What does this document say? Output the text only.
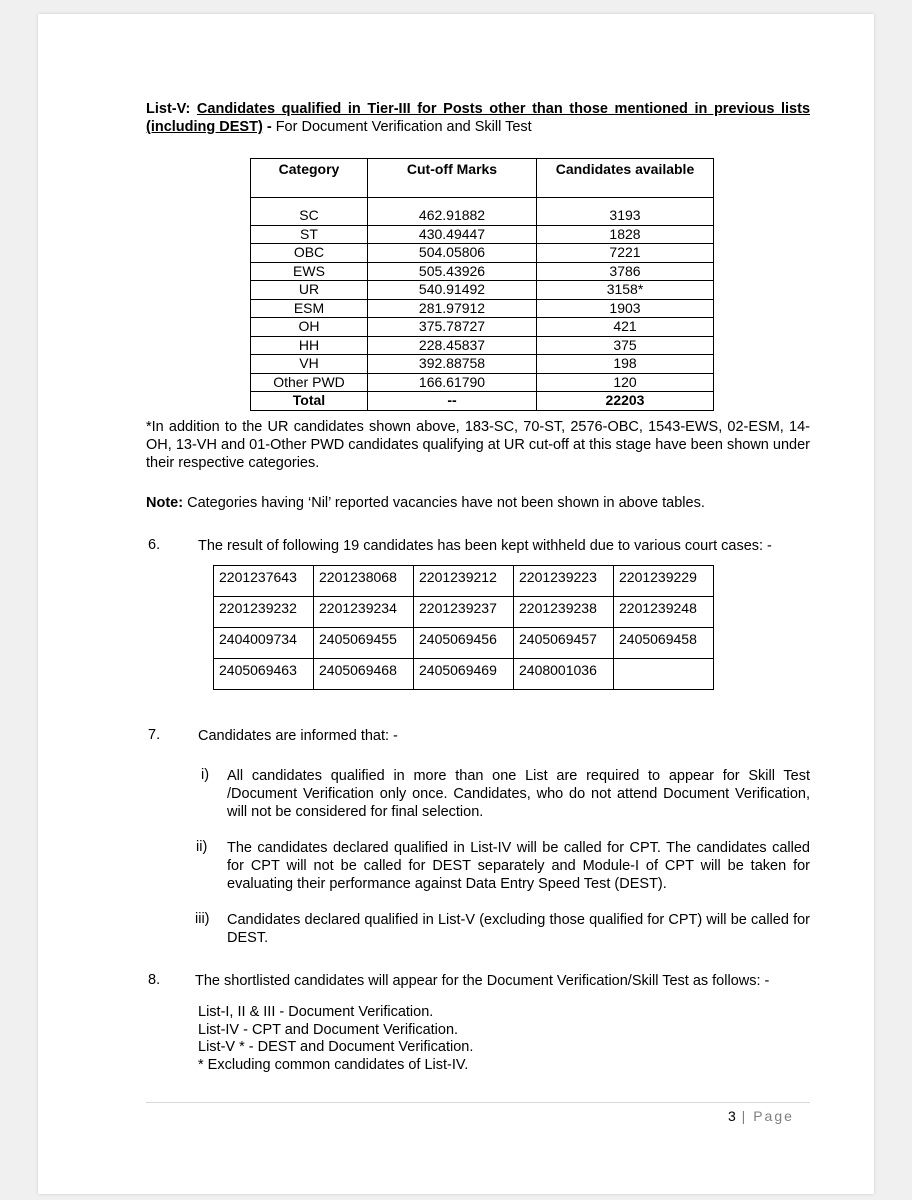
List-V: Candidates qualified in Tier-III for Posts other than those mentioned in previous lists (including DEST) - For Document Verification and Skill Test
Category	Cut-off Marks	Candidates available
SC	462.91882	3193
ST	430.49447	1828
OBC	504.05806	7221
EWS	505.43926	3786
UR	540.91492	3158*
ESM	281.97912	1903
OH	375.78727	421
HH	228.45837	375
VH	392.88758	198
Other PWD	166.61790	120
Total	--	22203
*In addition to the UR candidates shown above, 183-SC, 70-ST, 2576-OBC, 1543-EWS, 02-ESM, 14-OH, 13-VH and 01-Other PWD candidates qualifying at UR cut-off at this stage have been shown under their respective categories.
Note: Categories having ‘Nil’ reported vacancies have not been shown in above tables.
6.	The result of following 19 candidates has been kept withheld due to various court cases: -
2201237643	2201238068	2201239212	2201239223	2201239229
2201239232	2201239234	2201239237	2201239238	2201239248
2404009734	2405069455	2405069456	2405069457	2405069458
2405069463	2405069468	2405069469	2408001036	
7.	Candidates are informed that: -
i) All candidates qualified in more than one List are required to appear for Skill Test /Document Verification only once. Candidates, who do not attend Document Verification, will not be considered for final selection.
ii) The candidates declared qualified in List-IV will be called for CPT. The candidates called for CPT will not be called for DEST separately and Module-I of CPT will be taken for evaluating their performance against Data Entry Speed Test (DEST).
iii) Candidates declared qualified in List-V (excluding those qualified for CPT) will be called for DEST.
8. The shortlisted candidates will appear for the Document Verification/Skill Test as follows: -
List-I, II & III - Document Verification.
List-IV - CPT and Document Verification.
List-V * - DEST and Document Verification.
* Excluding common candidates of List-IV.
3 | Page
